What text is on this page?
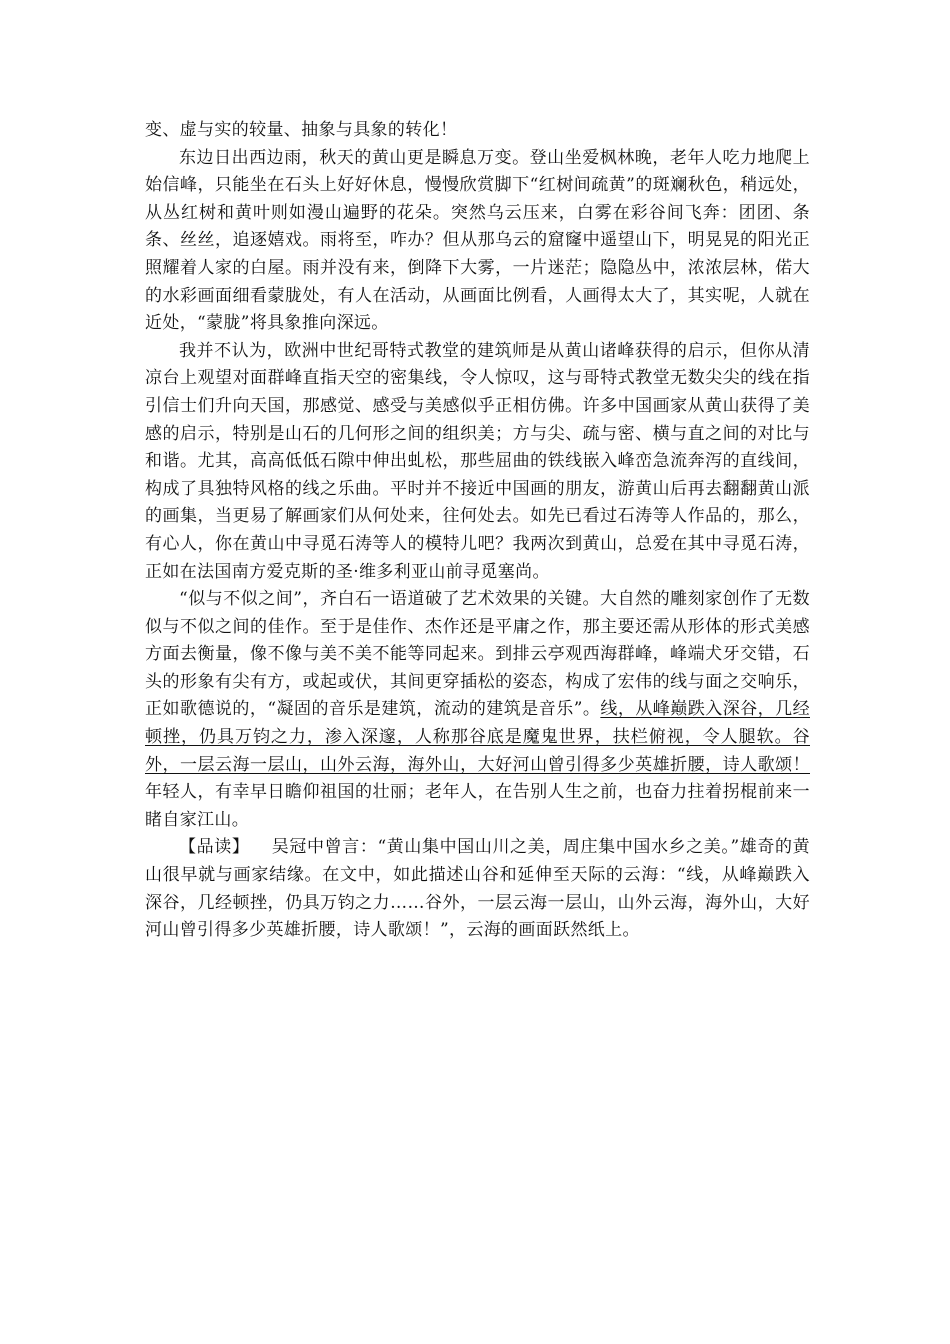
变、虚与实的较量、抽象与具象的转化！

东边日出西边雨，秋天的黄山更是瞬息万变。登山坐爱枫林晚，老年人吃力地爬上始信峰，只能坐在石头上好好休息，慢慢欣赏脚下“红树间疏黄”的斑斓秋色，稍远处，从丛红树和黄叶则如漫山遍野的花朵。突然乌云压来，白雾在彩谷间飞奔：团团、条条、丝丝，追逐嬉戏。雨将至，咋办？但从那乌云的窟窿中遥望山下，明晃晃的阳光正照耀着人家的白屋。雨并没有来，倒降下大雾，一片迷茫；隐隐丛中，浓浓层林，偌大的水彩画面细看蒙胧处，有人在活动，从画面比例看，人画得太大了，其实呢，人就在近处，“蒙胧”将具象推向深远。

我并不认为，欧洲中世纪哥特式教堂的建筑师是从黄山诸峰获得的启示，但你从清凉台上观望对面群峰直指天空的密集线，令人惊叹，这与哥特式教堂无数尖尖的线在指引信士们升向天国，那感觉、感受与美感似乎正相仿佛。许多中国画家从黄山获得了美感的启示，特别是山石的几何形之间的组织美；方与尖、疏与密、横与直之间的对比与和谐。尤其，高高低低石隙中伸出虬松，那些屈曲的铁线嵌入峰峦急流奔泻的直线间，构成了具独特风格的线之乐曲。平时并不接近中国画的朋友，游黄山后再去翻翻黄山派的画集，当更易了解画家们从何处来，往何处去。如先已看过石涛等人作品的，那么，有心人，你在黄山中寻觅石涛等人的模特儿吧？我两次到黄山，总爱在其中寻觅石涛，正如在法国南方爱克斯的圣·维多利亚山前寻觅塞尚。

“似与不似之间”，齐白石一语道破了艺术效果的关键。大自然的雕刻家创作了无数似与不似之间的佳作。至于是佳作、杰作还是平庸之作，那主要还需从形体的形式美感方面去衡量，像不像与美不美不能等同起来。到排云亭观西海群峰，峰端犬牙交错，石头的形象有尖有方，或起或伏，其间更穿插松的姿态，构成了宏伟的线与面之交响乐，正如歌德说的，“凝固的音乐是建筑，流动的建筑是音乐”。线，从峰巅跌入深谷，几经顿挫，仍具万钧之力，渗入深邃，人称那谷底是魔鬼世界，扶栏俯视，令人腿软。谷外，一层云海一层山，山外云海，海外山，大好河山曾引得多少英雄折腰，诗人歌颂！年轻人，有幸早日瞻仰祖国的壮丽；老年人，在告别人生之前，也奋力拄着拐棍前来一睹自家江山。

【品读】 吴冠中曾言：“黄山集中国山川之美，周庄集中国水乡之美。”雄奇的黄山很早就与画家结缘。在文中，如此描述山谷和延伸至天际的云海：“线，从峰巅跌入深谷，几经顿挫，仍具万钧之力……谷外，一层云海一层山，山外云海，海外山，大好河山曾引得多少英雄折腰，诗人歌颂！”，云海的画面跃然纸上。
